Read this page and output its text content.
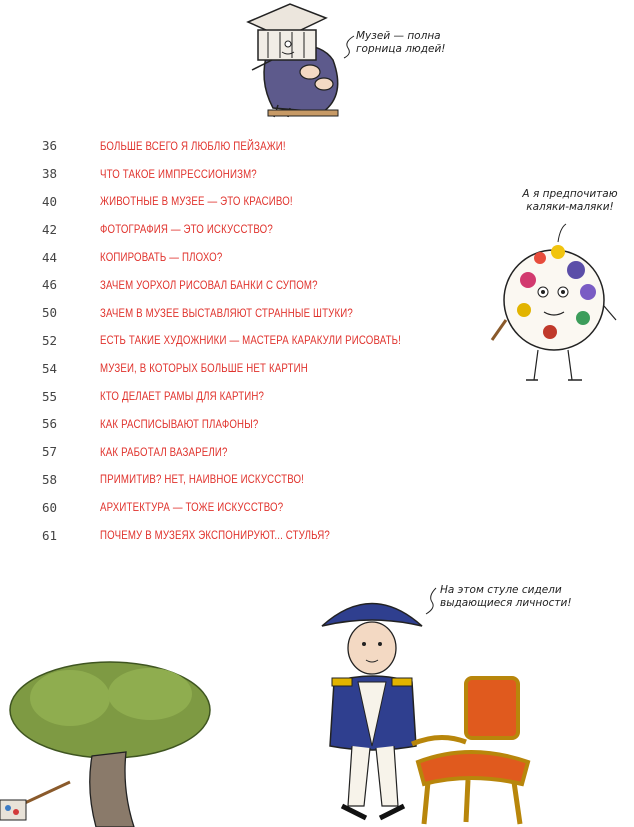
Музей — полна
горница людей!
36	БОЛЬШЕ ВСЕГО Я ЛЮБЛЮ ПЕЙЗАЖИ!
38	ЧТО ТАКОЕ ИМПРЕССИОНИЗМ?
40	ЖИВОТНЫЕ В МУЗЕЕ — ЭТО КРАСИВО!
42	ФОТОГРАФИЯ — ЭТО ИСКУССТВО?
44	КОПИРОВАТЬ — ПЛОХО?
46	ЗАЧЕМ УОРХОЛ РИСОВАЛ БАНКИ С СУПОМ?
50	ЗАЧЕМ В МУЗЕЕ ВЫСТАВЛЯЮТ СТРАННЫЕ ШТУКИ?
52	ЕСТЬ ТАКИЕ ХУДОЖНИКИ — МАСТЕРА КАРАКУЛИ РИСОВАТЬ!
54	МУЗЕИ, В КОТОРЫХ БОЛЬШЕ НЕТ КАРТИН
55	КТО ДЕЛАЕТ РАМЫ ДЛЯ КАРТИН?
56	КАК РАСПИСЫВАЮТ ПЛАФОНЫ?
57	КАК РАБОТАЛ ВАЗАРЕЛИ?
58	ПРИМИТИВ? НЕТ, НАИВНОЕ ИСКУССТВО!
60	АРХИТЕКТУРА — ТОЖЕ ИСКУССТВО?
61	ПОЧЕМУ В МУЗЕЯХ ЭКСПОНИРУЮТ... СТУЛЬЯ?
А я предпочитаю
каляки-маляки!
На этом стуле сидели
выдающиеся личности!
